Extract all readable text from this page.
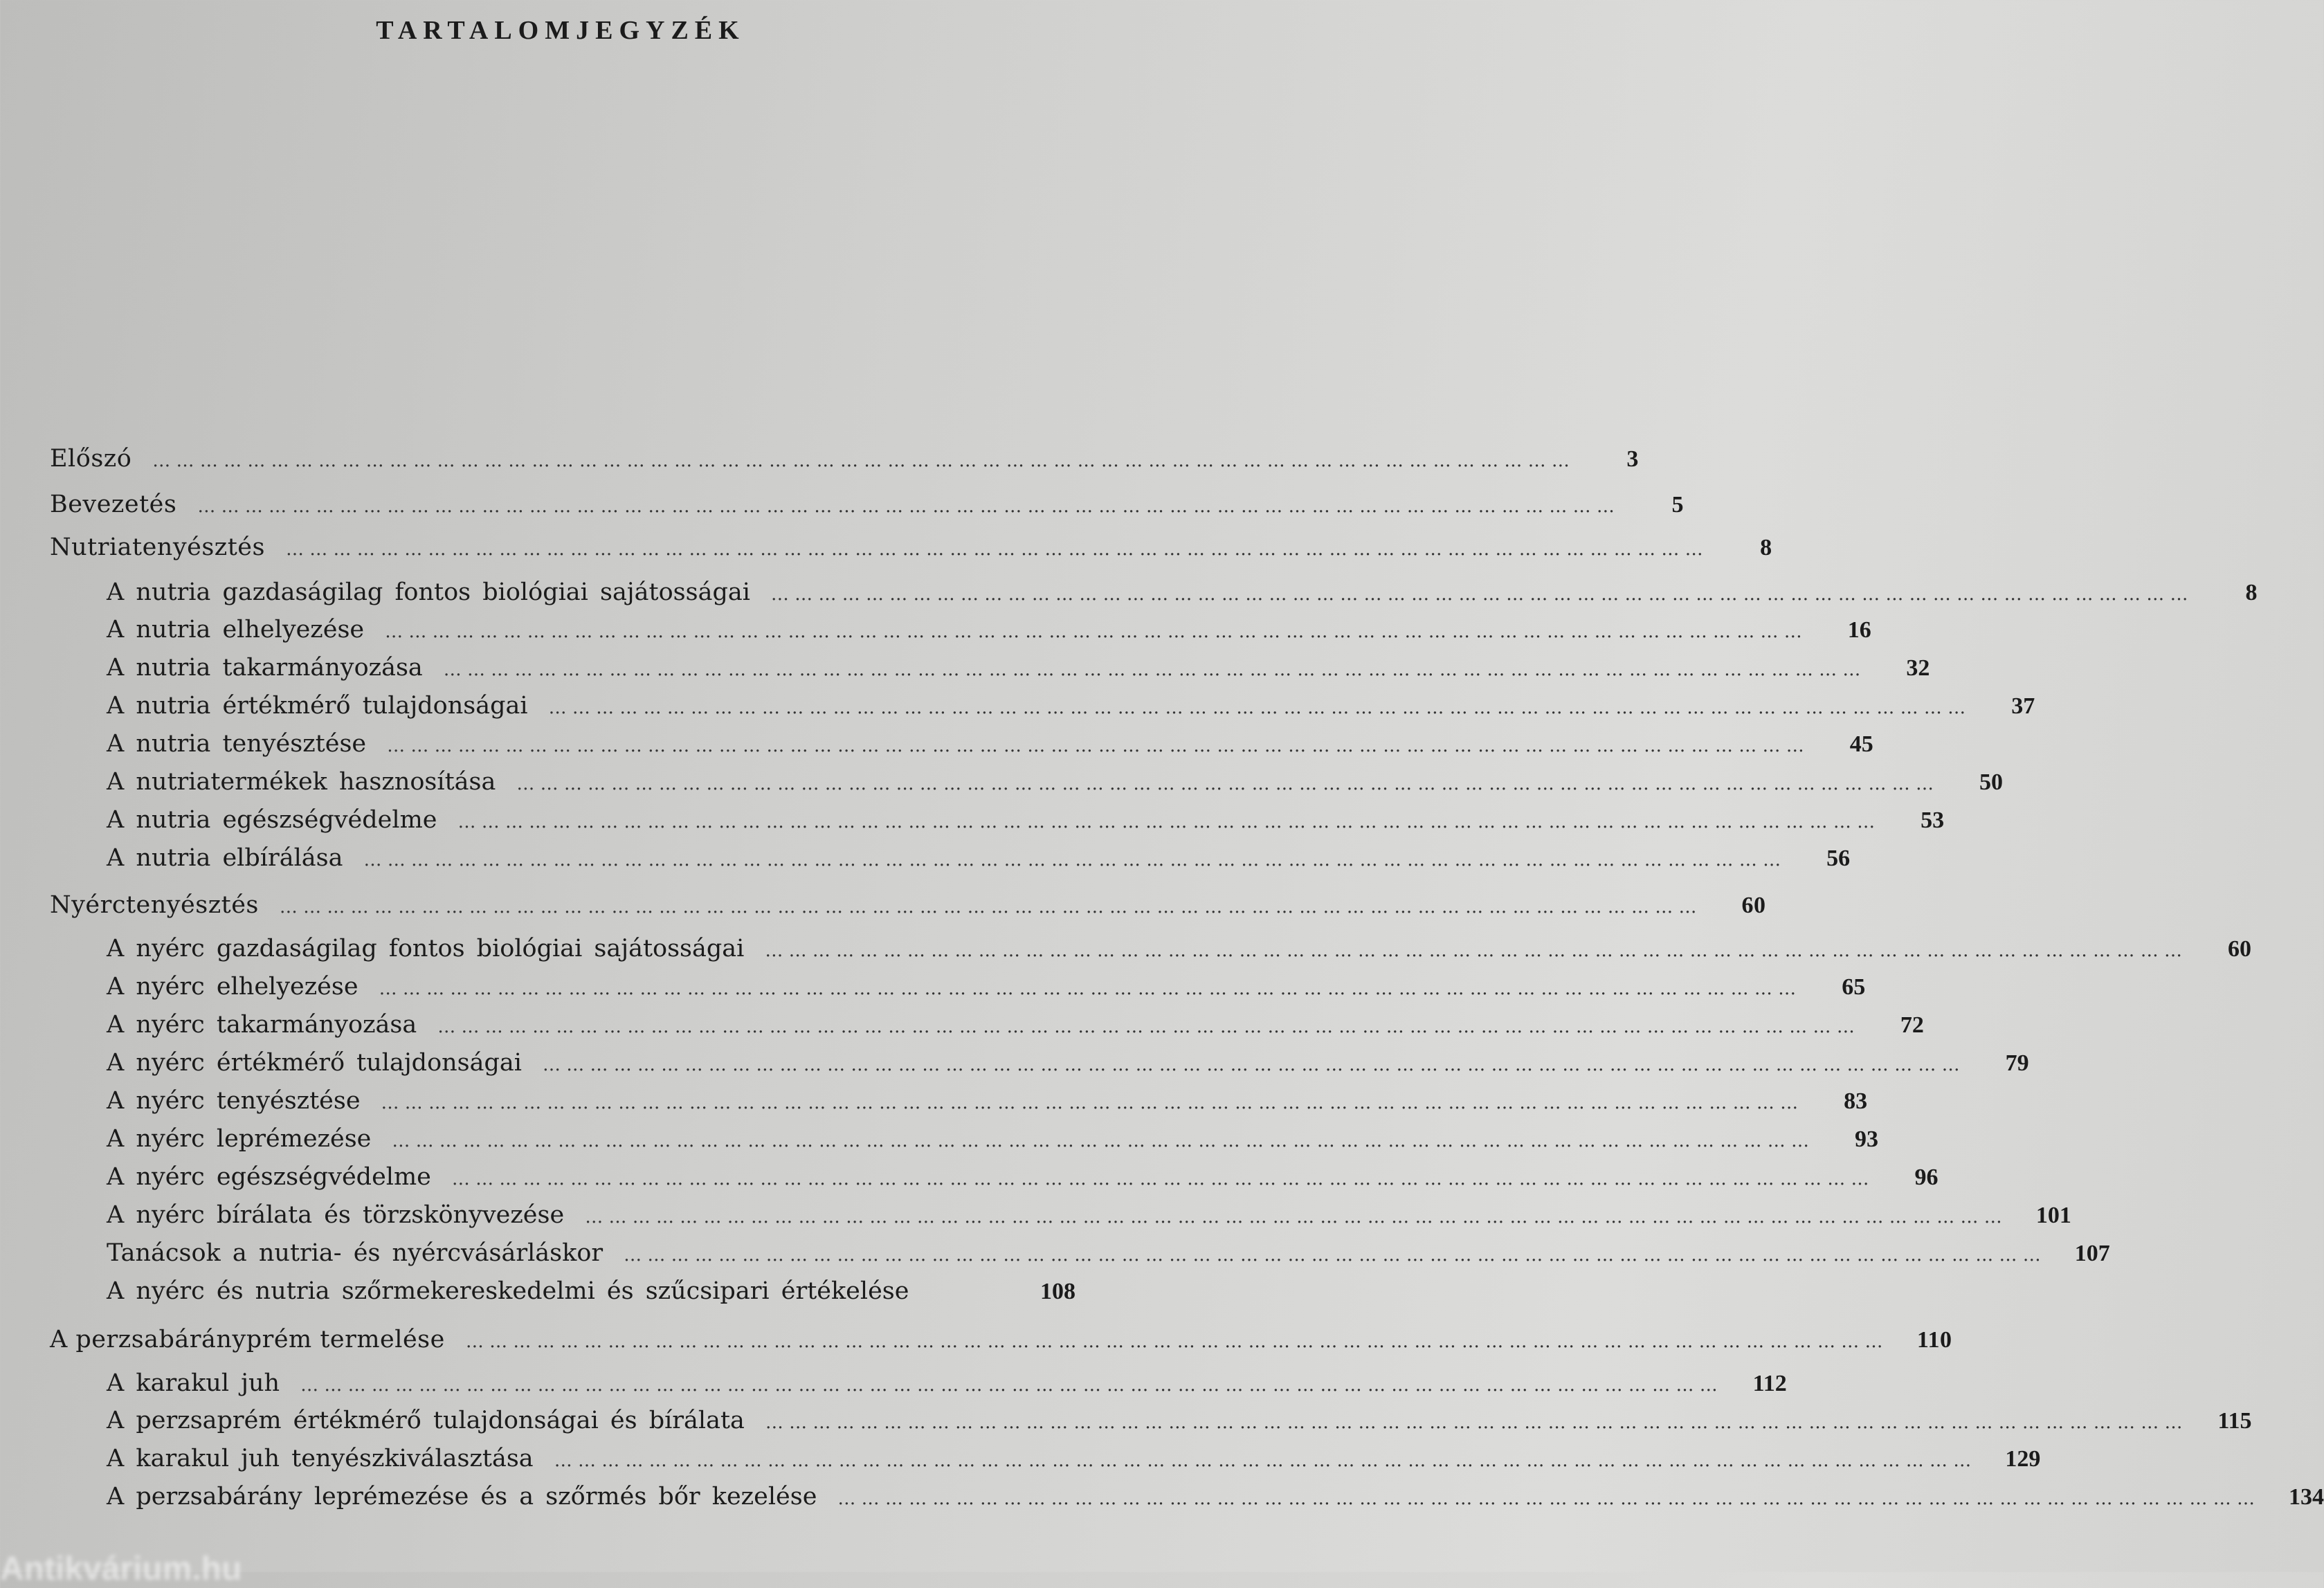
TARTALOMJEGYZÉK
Előszó … … … … … … … … … … … … … … … … … … … … … … … … … … … … … … … … … … … … … … … … … … … … … … … … … … … … … … … … … … … …	3
Bevezetés … … … … … … … … … … … … … … … … … … … … … … … … … … … … … … … … … … … … … … … … … … … … … … … … … … … … … … … … … … … …	5
Nutriatenyésztés … … … … … … … … … … … … … … … … … … … … … … … … … … … … … … … … … … … … … … … … … … … … … … … … … … … … … … … … … … … …	8
A nutria gazdaságilag fontos biológiai sajátosságai … … … … … … … … … … … … … … … … … … … … … … … … … … … … … … … … … … … … … … … … … … … … … … … … … … … … … … … … … … … …	8
A nutria elhelyezése … … … … … … … … … … … … … … … … … … … … … … … … … … … … … … … … … … … … … … … … … … … … … … … … … … … … … … … … … … … …	16
A nutria takarmányozása … … … … … … … … … … … … … … … … … … … … … … … … … … … … … … … … … … … … … … … … … … … … … … … … … … … … … … … … … … … …	32
A nutria értékmérő tulajdonságai … … … … … … … … … … … … … … … … … … … … … … … … … … … … … … … … … … … … … … … … … … … … … … … … … … … … … … … … … … … …	37
A nutria tenyésztése … … … … … … … … … … … … … … … … … … … … … … … … … … … … … … … … … … … … … … … … … … … … … … … … … … … … … … … … … … … …	45
A nutriatermékek hasznosítása … … … … … … … … … … … … … … … … … … … … … … … … … … … … … … … … … … … … … … … … … … … … … … … … … … … … … … … … … … … …	50
A nutria egészségvédelme … … … … … … … … … … … … … … … … … … … … … … … … … … … … … … … … … … … … … … … … … … … … … … … … … … … … … … … … … … … …	53
A nutria elbírálása … … … … … … … … … … … … … … … … … … … … … … … … … … … … … … … … … … … … … … … … … … … … … … … … … … … … … … … … … … … …	56
Nyérctenyésztés … … … … … … … … … … … … … … … … … … … … … … … … … … … … … … … … … … … … … … … … … … … … … … … … … … … … … … … … … … … …	60
A nyérc gazdaságilag fontos biológiai sajátosságai … … … … … … … … … … … … … … … … … … … … … … … … … … … … … … … … … … … … … … … … … … … … … … … … … … … … … … … … … … … …	60
A nyérc elhelyezése … … … … … … … … … … … … … … … … … … … … … … … … … … … … … … … … … … … … … … … … … … … … … … … … … … … … … … … … … … … …	65
A nyérc takarmányozása … … … … … … … … … … … … … … … … … … … … … … … … … … … … … … … … … … … … … … … … … … … … … … … … … … … … … … … … … … … …	72
A nyérc értékmérő tulajdonságai … … … … … … … … … … … … … … … … … … … … … … … … … … … … … … … … … … … … … … … … … … … … … … … … … … … … … … … … … … … …	79
A nyérc tenyésztése … … … … … … … … … … … … … … … … … … … … … … … … … … … … … … … … … … … … … … … … … … … … … … … … … … … … … … … … … … … …	83
A nyérc leprémezése … … … … … … … … … … … … … … … … … … … … … … … … … … … … … … … … … … … … … … … … … … … … … … … … … … … … … … … … … … … …	93
A nyérc egészségvédelme … … … … … … … … … … … … … … … … … … … … … … … … … … … … … … … … … … … … … … … … … … … … … … … … … … … … … … … … … … … …	96
A nyérc bírálata és törzskönyvezése … … … … … … … … … … … … … … … … … … … … … … … … … … … … … … … … … … … … … … … … … … … … … … … … … … … … … … … … … … … …	101
Tanácsok a nutria- és nyércvásárláskor … … … … … … … … … … … … … … … … … … … … … … … … … … … … … … … … … … … … … … … … … … … … … … … … … … … … … … … … … … … …	107
A nyérc és nutria szőrmekereskedelmi és szűcsipari értékelése	108
A perzsabárányprém termelése … … … … … … … … … … … … … … … … … … … … … … … … … … … … … … … … … … … … … … … … … … … … … … … … … … … … … … … … … … … …	110
A karakul juh … … … … … … … … … … … … … … … … … … … … … … … … … … … … … … … … … … … … … … … … … … … … … … … … … … … … … … … … … … … …	112
A perzsaprém értékmérő tulajdonságai és bírálata … … … … … … … … … … … … … … … … … … … … … … … … … … … … … … … … … … … … … … … … … … … … … … … … … … … … … … … … … … … …	115
A karakul juh tenyészkiválasztása … … … … … … … … … … … … … … … … … … … … … … … … … … … … … … … … … … … … … … … … … … … … … … … … … … … … … … … … … … … …	129
A perzsabárány leprémezése és a szőrmés bőr kezelése … … … … … … … … … … … … … … … … … … … … … … … … … … … … … … … … … … … … … … … … … … … … … … … … … … … … … … … … … … … …	134
Antikvárium.hu
